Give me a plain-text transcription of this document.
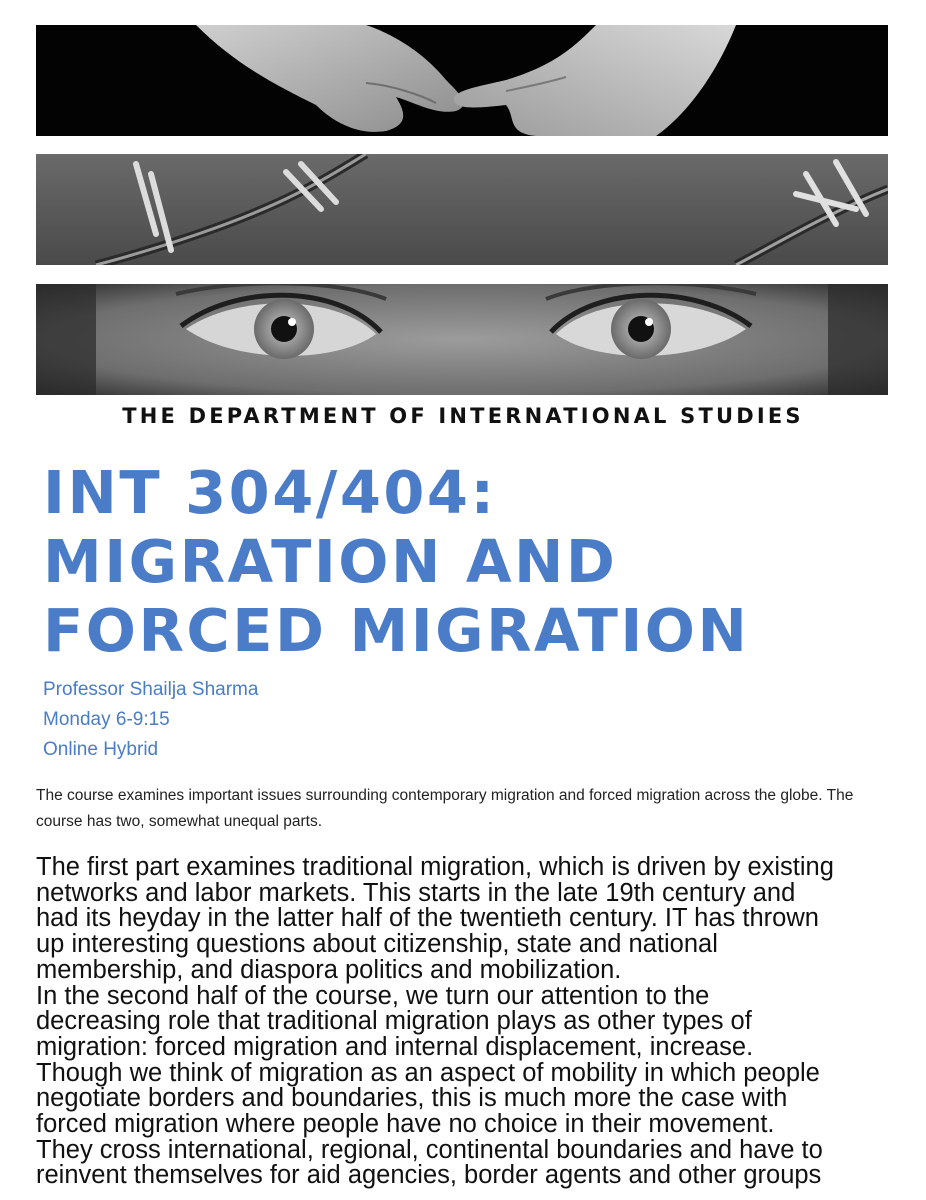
THE DEPARTMENT OF INTERNATIONAL STUDIES
INT 304/404:
MIGRATION AND
FORCED MIGRATION
Professor Shailja Sharma
Monday 6-9:15
Online Hybrid

The course examines important issues surrounding contemporary migration and forced migration across the globe. The course has two, somewhat unequal parts.

The first part examines traditional migration, which is driven by existing
networks and labor markets. This starts in the late 19th century and
had its heyday in the latter half of the twentieth century. IT has thrown
up interesting questions about citizenship, state and national
membership, and diaspora politics and mobilization.

In the second half of the course, we turn our attention to the
decreasing role that traditional migration plays as other types of
migration: forced migration and internal displacement, increase.
Though we think of migration as an aspect of mobility in which people
negotiate borders and boundaries, this is much more the case with
forced migration where people have no choice in their movement.
They cross international, regional, continental boundaries and have to
reinvent themselves for aid agencies, border agents and other groups
